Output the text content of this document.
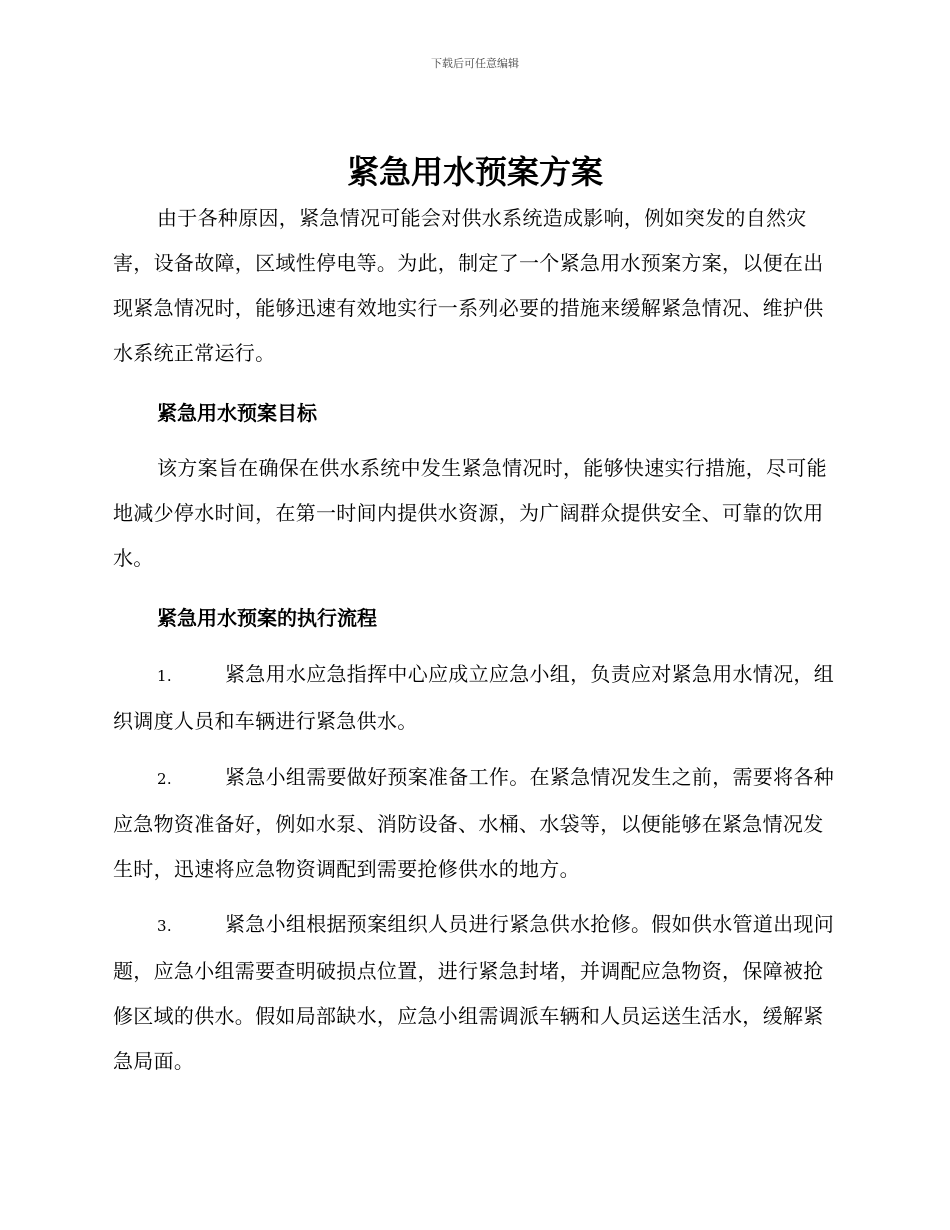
下载后可任意编辑
紧急用水预案方案

由于各种原因，紧急情况可能会对供水系统造成影响，例如突发的自然灾害，设备故障，区域性停电等。为此，制定了一个紧急用水预案方案，以便在出现紧急情况时，能够迅速有效地实行一系列必要的措施来缓解紧急情况、维护供水系统正常运行。

紧急用水预案目标

该方案旨在确保在供水系统中发生紧急情况时，能够快速实行措施，尽可能地减少停水时间，在第一时间内提供水资源，为广阔群众提供安全、可靠的饮用水。

紧急用水预案的执行流程

1.	紧急用水应急指挥中心应成立应急小组，负责应对紧急用水情况，组织调度人员和车辆进行紧急供水。

2.	紧急小组需要做好预案准备工作。在紧急情况发生之前，需要将各种应急物资准备好，例如水泵、消防设备、水桶、水袋等，以便能够在紧急情况发生时，迅速将应急物资调配到需要抢修供水的地方。

3.	紧急小组根据预案组织人员进行紧急供水抢修。假如供水管道出现问题，应急小组需要查明破损点位置，进行紧急封堵，并调配应急物资，保障被抢修区域的供水。假如局部缺水，应急小组需调派车辆和人员运送生活水，缓解紧急局面。
